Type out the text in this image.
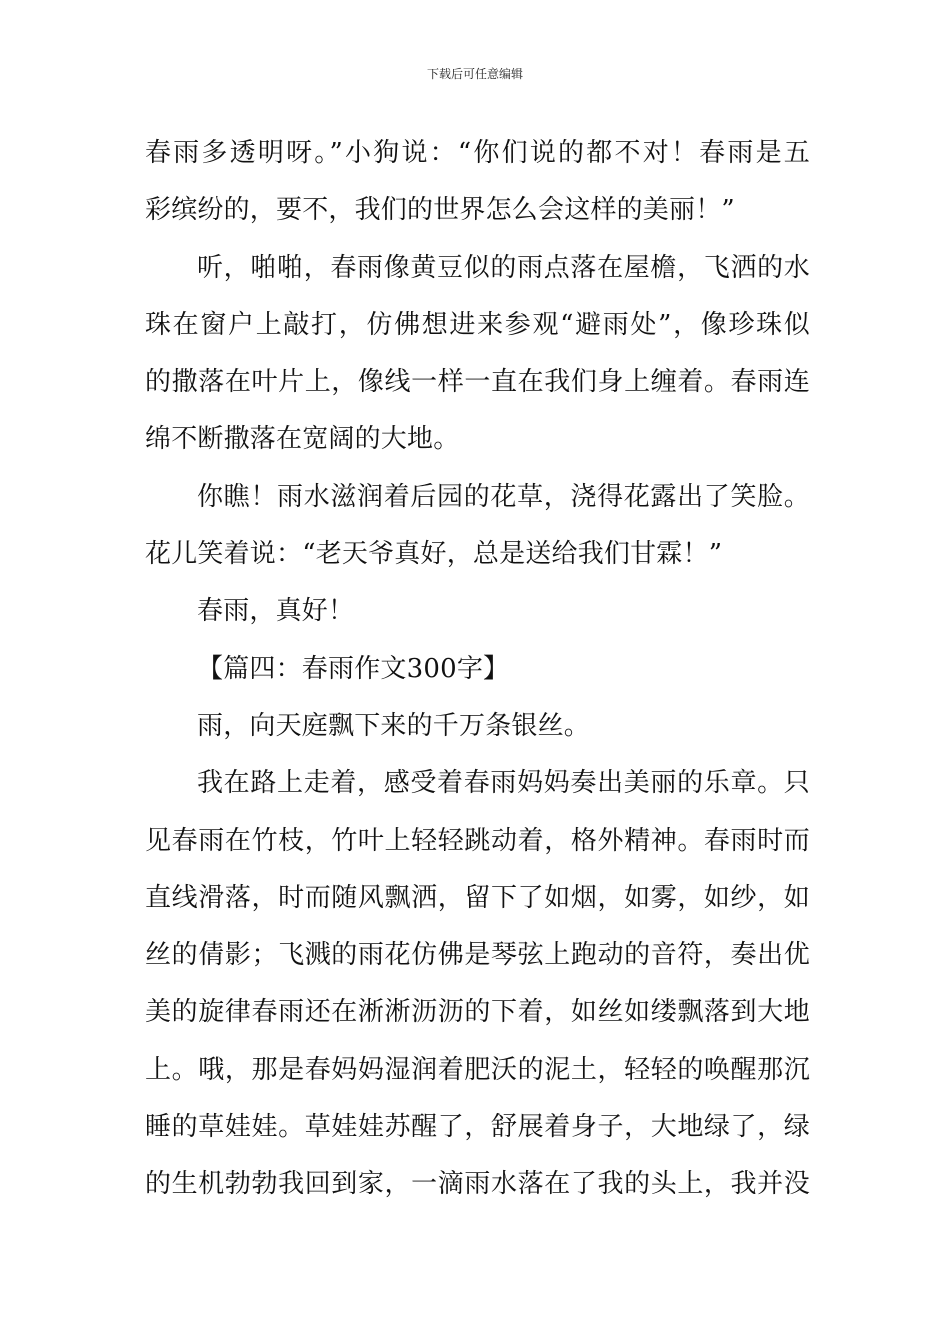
下载后可任意编辑
春雨多透明呀。”小狗说：“你们说的都不对！春雨是五
彩缤纷的，要不，我们的世界怎么会这样的美丽！”
听，啪啪，春雨像黄豆似的雨点落在屋檐，飞洒的水
珠在窗户上敲打，仿佛想进来参观“避雨处”，像珍珠似
的撒落在叶片上，像线一样一直在我们身上缠着。春雨连
绵不断撒落在宽阔的大地。
你瞧！雨水滋润着后园的花草，浇得花露出了笑脸。
花儿笑着说：“老天爷真好，总是送给我们甘霖！”
春雨，真好！
【篇四：春雨作文300字】
雨，向天庭飘下来的千万条银丝。
我在路上走着，感受着春雨妈妈奏出美丽的乐章。只
见春雨在竹枝，竹叶上轻轻跳动着，格外精神。春雨时而
直线滑落，时而随风飘洒，留下了如烟，如雾，如纱，如
丝的倩影；飞溅的雨花仿佛是琴弦上跑动的音符，奏出优
美的旋律春雨还在淅淅沥沥的下着，如丝如缕飘落到大地
上。哦，那是春妈妈湿润着肥沃的泥土，轻轻的唤醒那沉
睡的草娃娃。草娃娃苏醒了，舒展着身子，大地绿了，绿
的生机勃勃我回到家，一滴雨水落在了我的头上，我并没
